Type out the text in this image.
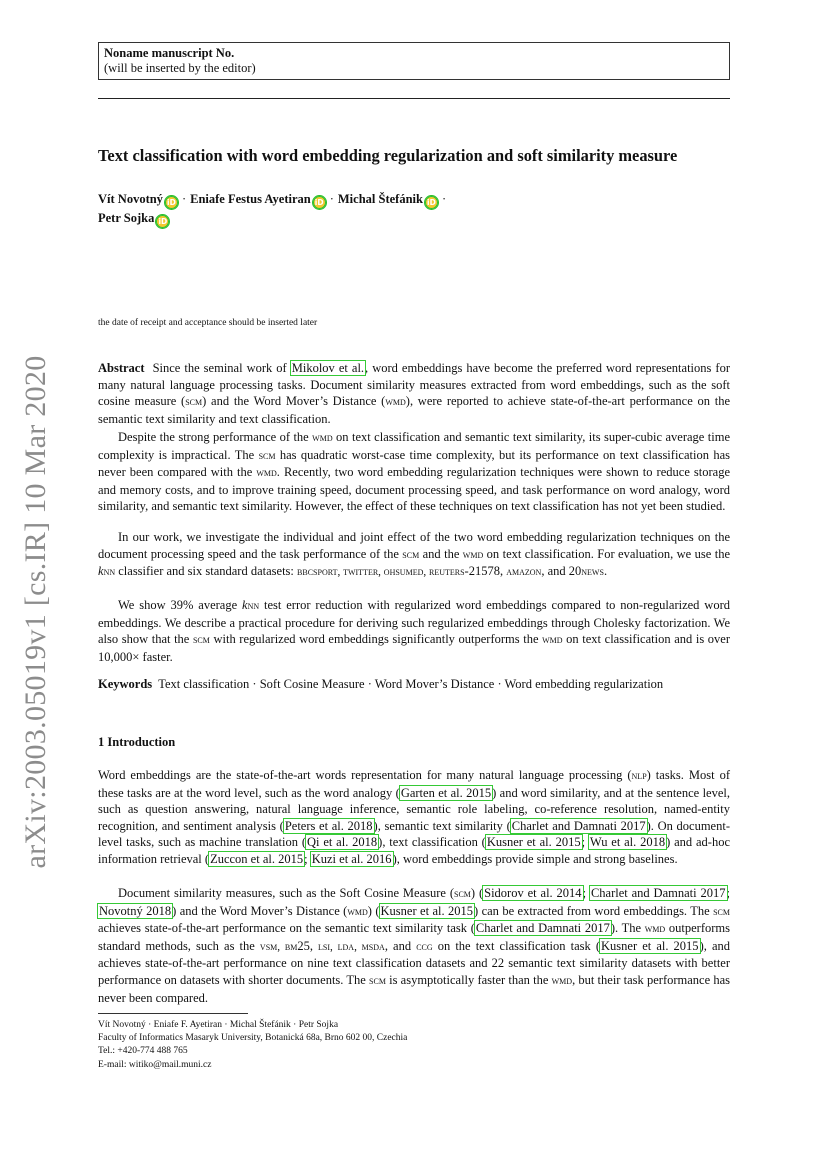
arXiv:2003.05019v1 [cs.IR] 10 Mar 2020
Noname manuscript No.
(will be inserted by the editor)
Text classification with word embedding regularization and soft similarity measure
Vít Novotný iD · Eniafe Festus Ayetiran iD · Michal Štefánik iD ·
Petr Sojka iD
the date of receipt and acceptance should be inserted later
Abstract Since the seminal work of Mikolov et al., word embeddings have become the preferred word representations for many natural language processing tasks. Document similarity measures extracted from word embeddings, such as the soft cosine measure (scm) and the Word Mover’s Distance (wmd), were reported to achieve state-of-the-art performance on the semantic text similarity and text classification.
Despite the strong performance of the wmd on text classification and semantic text similarity, its super-cubic average time complexity is impractical. The scm has quadratic worst-case time complexity, but its performance on text classification has never been compared with the wmd. Recently, two word embedding regularization techniques were shown to reduce storage and memory costs, and to improve training speed, document processing speed, and task performance on word analogy, word similarity, and semantic text similarity. However, the effect of these techniques on text classification has not yet been studied.
In our work, we investigate the individual and joint effect of the two word embedding regularization techniques on the document processing speed and the task performance of the scm and the wmd on text classification. For evaluation, we use the knn classifier and six standard datasets: bbcsport, twitter, ohsumed, reuters-21578, amazon, and 20news.
We show 39% average knn test error reduction with regularized word embeddings compared to non-regularized word embeddings. We describe a practical procedure for deriving such regularized embeddings through Cholesky factorization. We also show that the scm with regularized word embeddings significantly outperforms the wmd on text classification and is over 10,000× faster.
Keywords Text classification · Soft Cosine Measure · Word Mover’s Distance · Word embedding regularization
1 Introduction
Word embeddings are the state-of-the-art words representation for many natural language processing (nlp) tasks. Most of these tasks are at the word level, such as the word analogy (Garten et al. 2015) and word similarity, and at the sentence level, such as question answering, natural language inference, semantic role labeling, co-reference resolution, named-entity recognition, and sentiment analysis (Peters et al. 2018), semantic text similarity (Charlet and Damnati 2017). On document-level tasks, such as machine translation (Qi et al. 2018), text classification (Kusner et al. 2015; Wu et al. 2018) and ad-hoc information retrieval (Zuccon et al. 2015; Kuzi et al. 2016), word embeddings provide simple and strong baselines.
Document similarity measures, such as the Soft Cosine Measure (scm) (Sidorov et al. 2014; Charlet and Damnati 2017; Novotný 2018) and the Word Mover’s Distance (wmd) (Kusner et al. 2015) can be extracted from word embeddings. The scm achieves state-of-the-art performance on the semantic text similarity task (Charlet and Damnati 2017). The wmd outperforms standard methods, such as the vsm, bm25, lsi, lda, msda, and ccg on the text classification task (Kusner et al. 2015), and achieves state-of-the-art performance on nine text classification datasets and 22 semantic text similarity datasets with better performance on datasets with shorter documents. The scm is asymptotically faster than the wmd, but their task performance has never been compared.
Vít Novotný · Eniafe F. Ayetiran · Michal Štefánik · Petr Sojka
Faculty of Informatics Masaryk University, Botanická 68a, Brno 602 00, Czechia
Tel.: +420-774 488 765
E-mail: witiko@mail.muni.cz
